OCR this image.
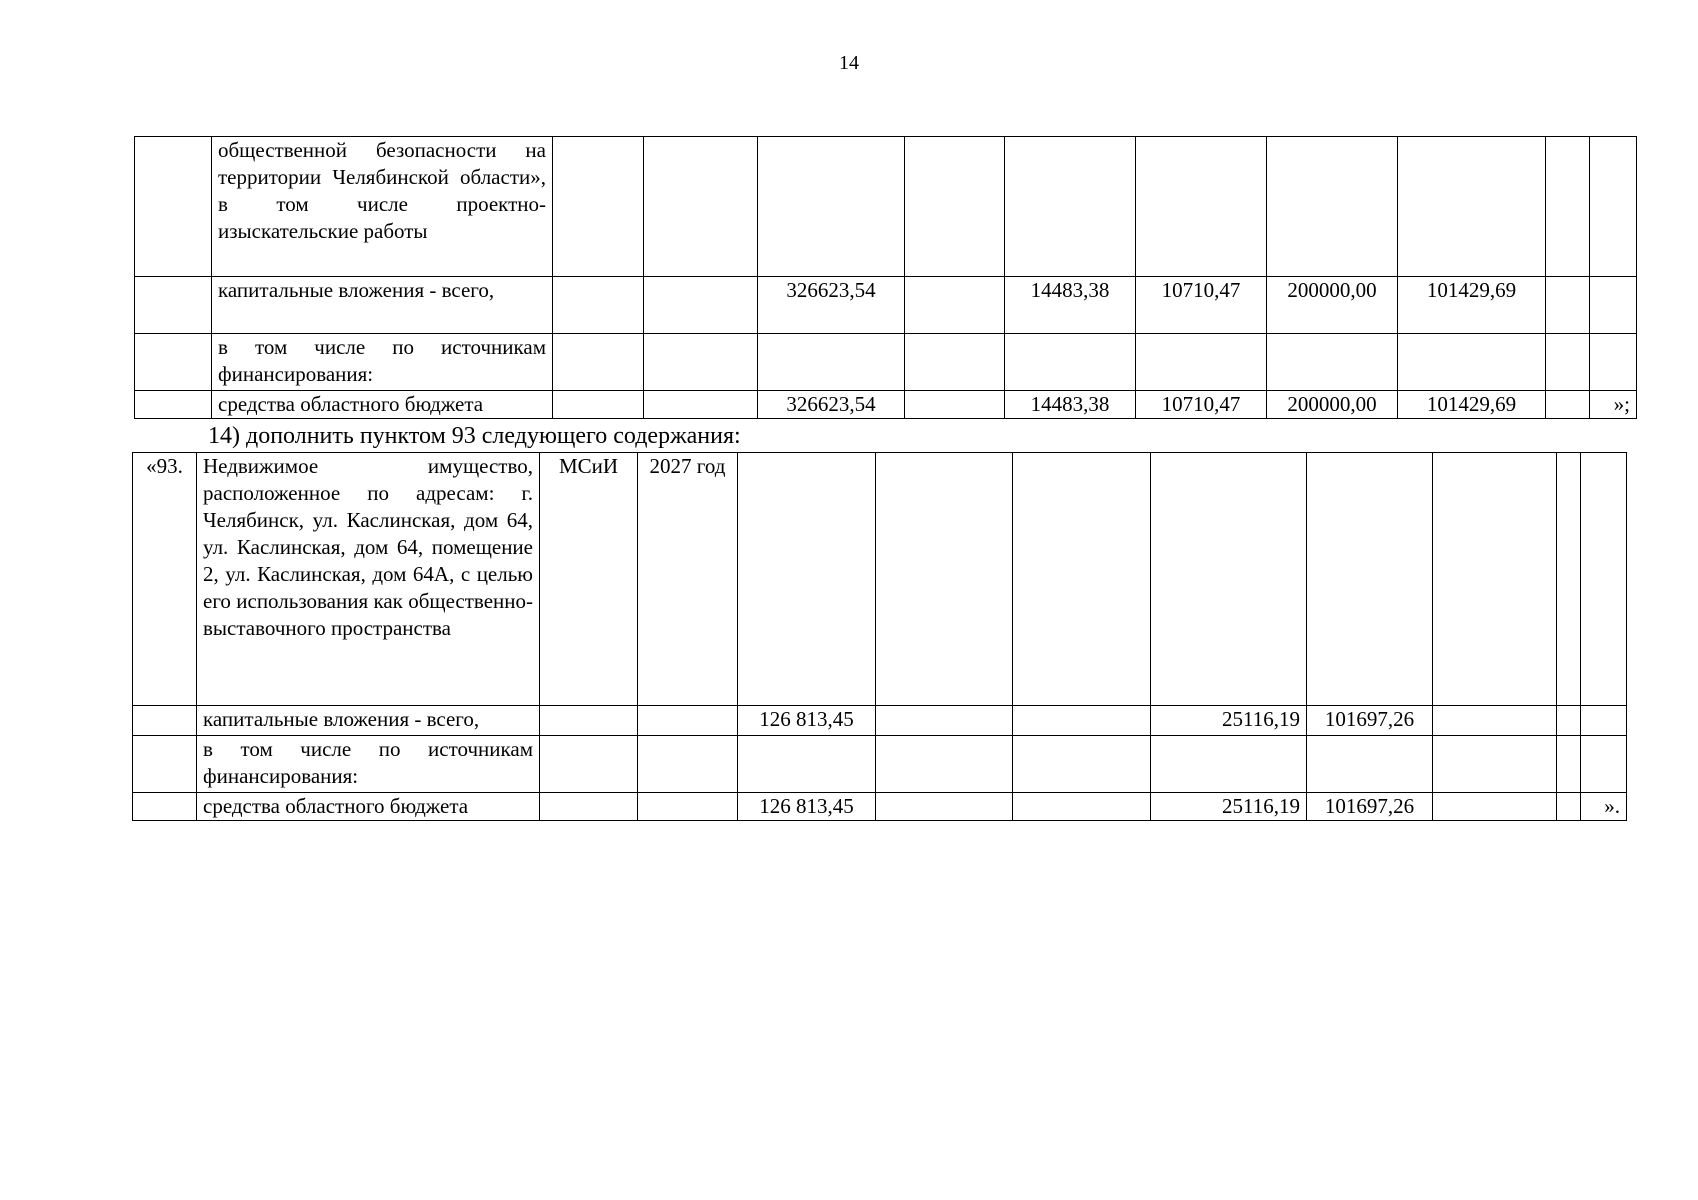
14
	общественной безопасности на территории Челябинской области», в том числе проектно-изыскательские работы										
	капитальные вложения - всего,			326623,54		14483,38	10710,47	200000,00	101429,69		
	в том числе по источникам финансирования:										
	средства областного бюджета			326623,54		14483,38	10710,47	200000,00	101429,69		»;
14) дополнить пунктом 93 следующего содержания:
«93.	Недвижимое имущество, расположенное по адресам: г. Челябинск, ул. Каслинская, дом 64, ул. Каслинская, дом 64, помещение 2, ул. Каслинская, дом 64А, с целью его использования как общественно-выставочного пространства	МСиИ	2027 год								
	капитальные вложения - всего,			126 813,45			25116,19	101697,26			
	в том числе по источникам финансирования:										
	средства областного бюджета			126 813,45			25116,19	101697,26			».
